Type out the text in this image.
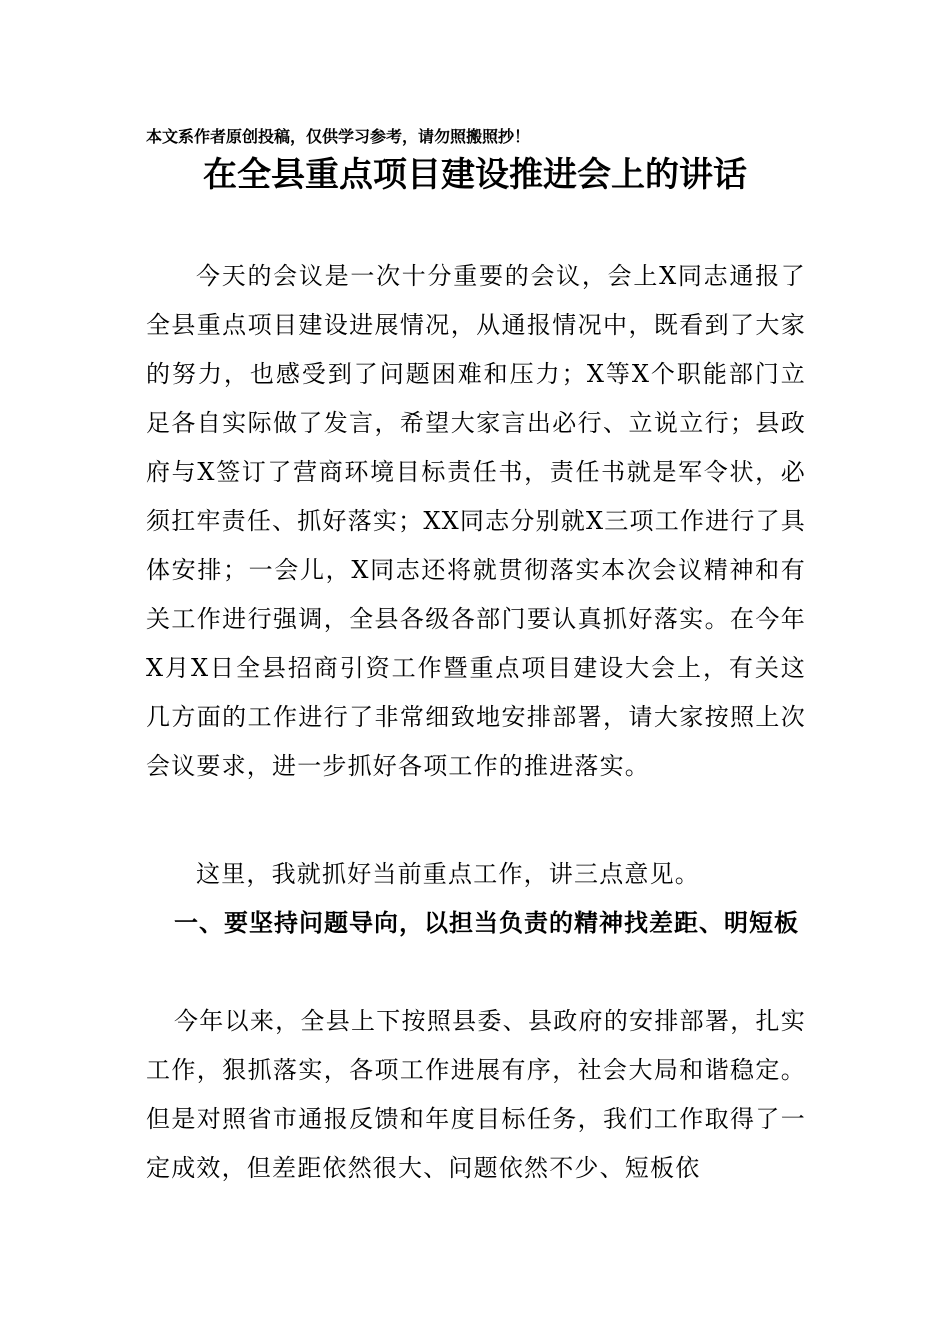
本文系作者原创投稿，仅供学习参考，请勿照搬照抄！
在全县重点项目建设推进会上的讲话
今天的会议是一次十分重要的会议，会上X同志通报了全县重点项目建设进展情况，从通报情况中，既看到了大家的努力，也感受到了问题困难和压力；X等X个职能部门立足各自实际做了发言，希望大家言出必行、立说立行；县政府与X签订了营商环境目标责任书，责任书就是军令状，必须扛牢责任、抓好落实；XX同志分别就X三项工作进行了具体安排；一会儿，X同志还将就贯彻落实本次会议精神和有关工作进行强调，全县各级各部门要认真抓好落实。在今年X月X日全县招商引资工作暨重点项目建设大会上，有关这几方面的工作进行了非常细致地安排部署，请大家按照上次会议要求，进一步抓好各项工作的推进落实。
这里，我就抓好当前重点工作，讲三点意见。
一、要坚持问题导向，以担当负责的精神找差距、明短板
今年以来，全县上下按照县委、县政府的安排部署，扎实工作，狠抓落实，各项工作进展有序，社会大局和谐稳定。但是对照省市通报反馈和年度目标任务，我们工作取得了一定成效，但差距依然很大、问题依然不少、短板依
